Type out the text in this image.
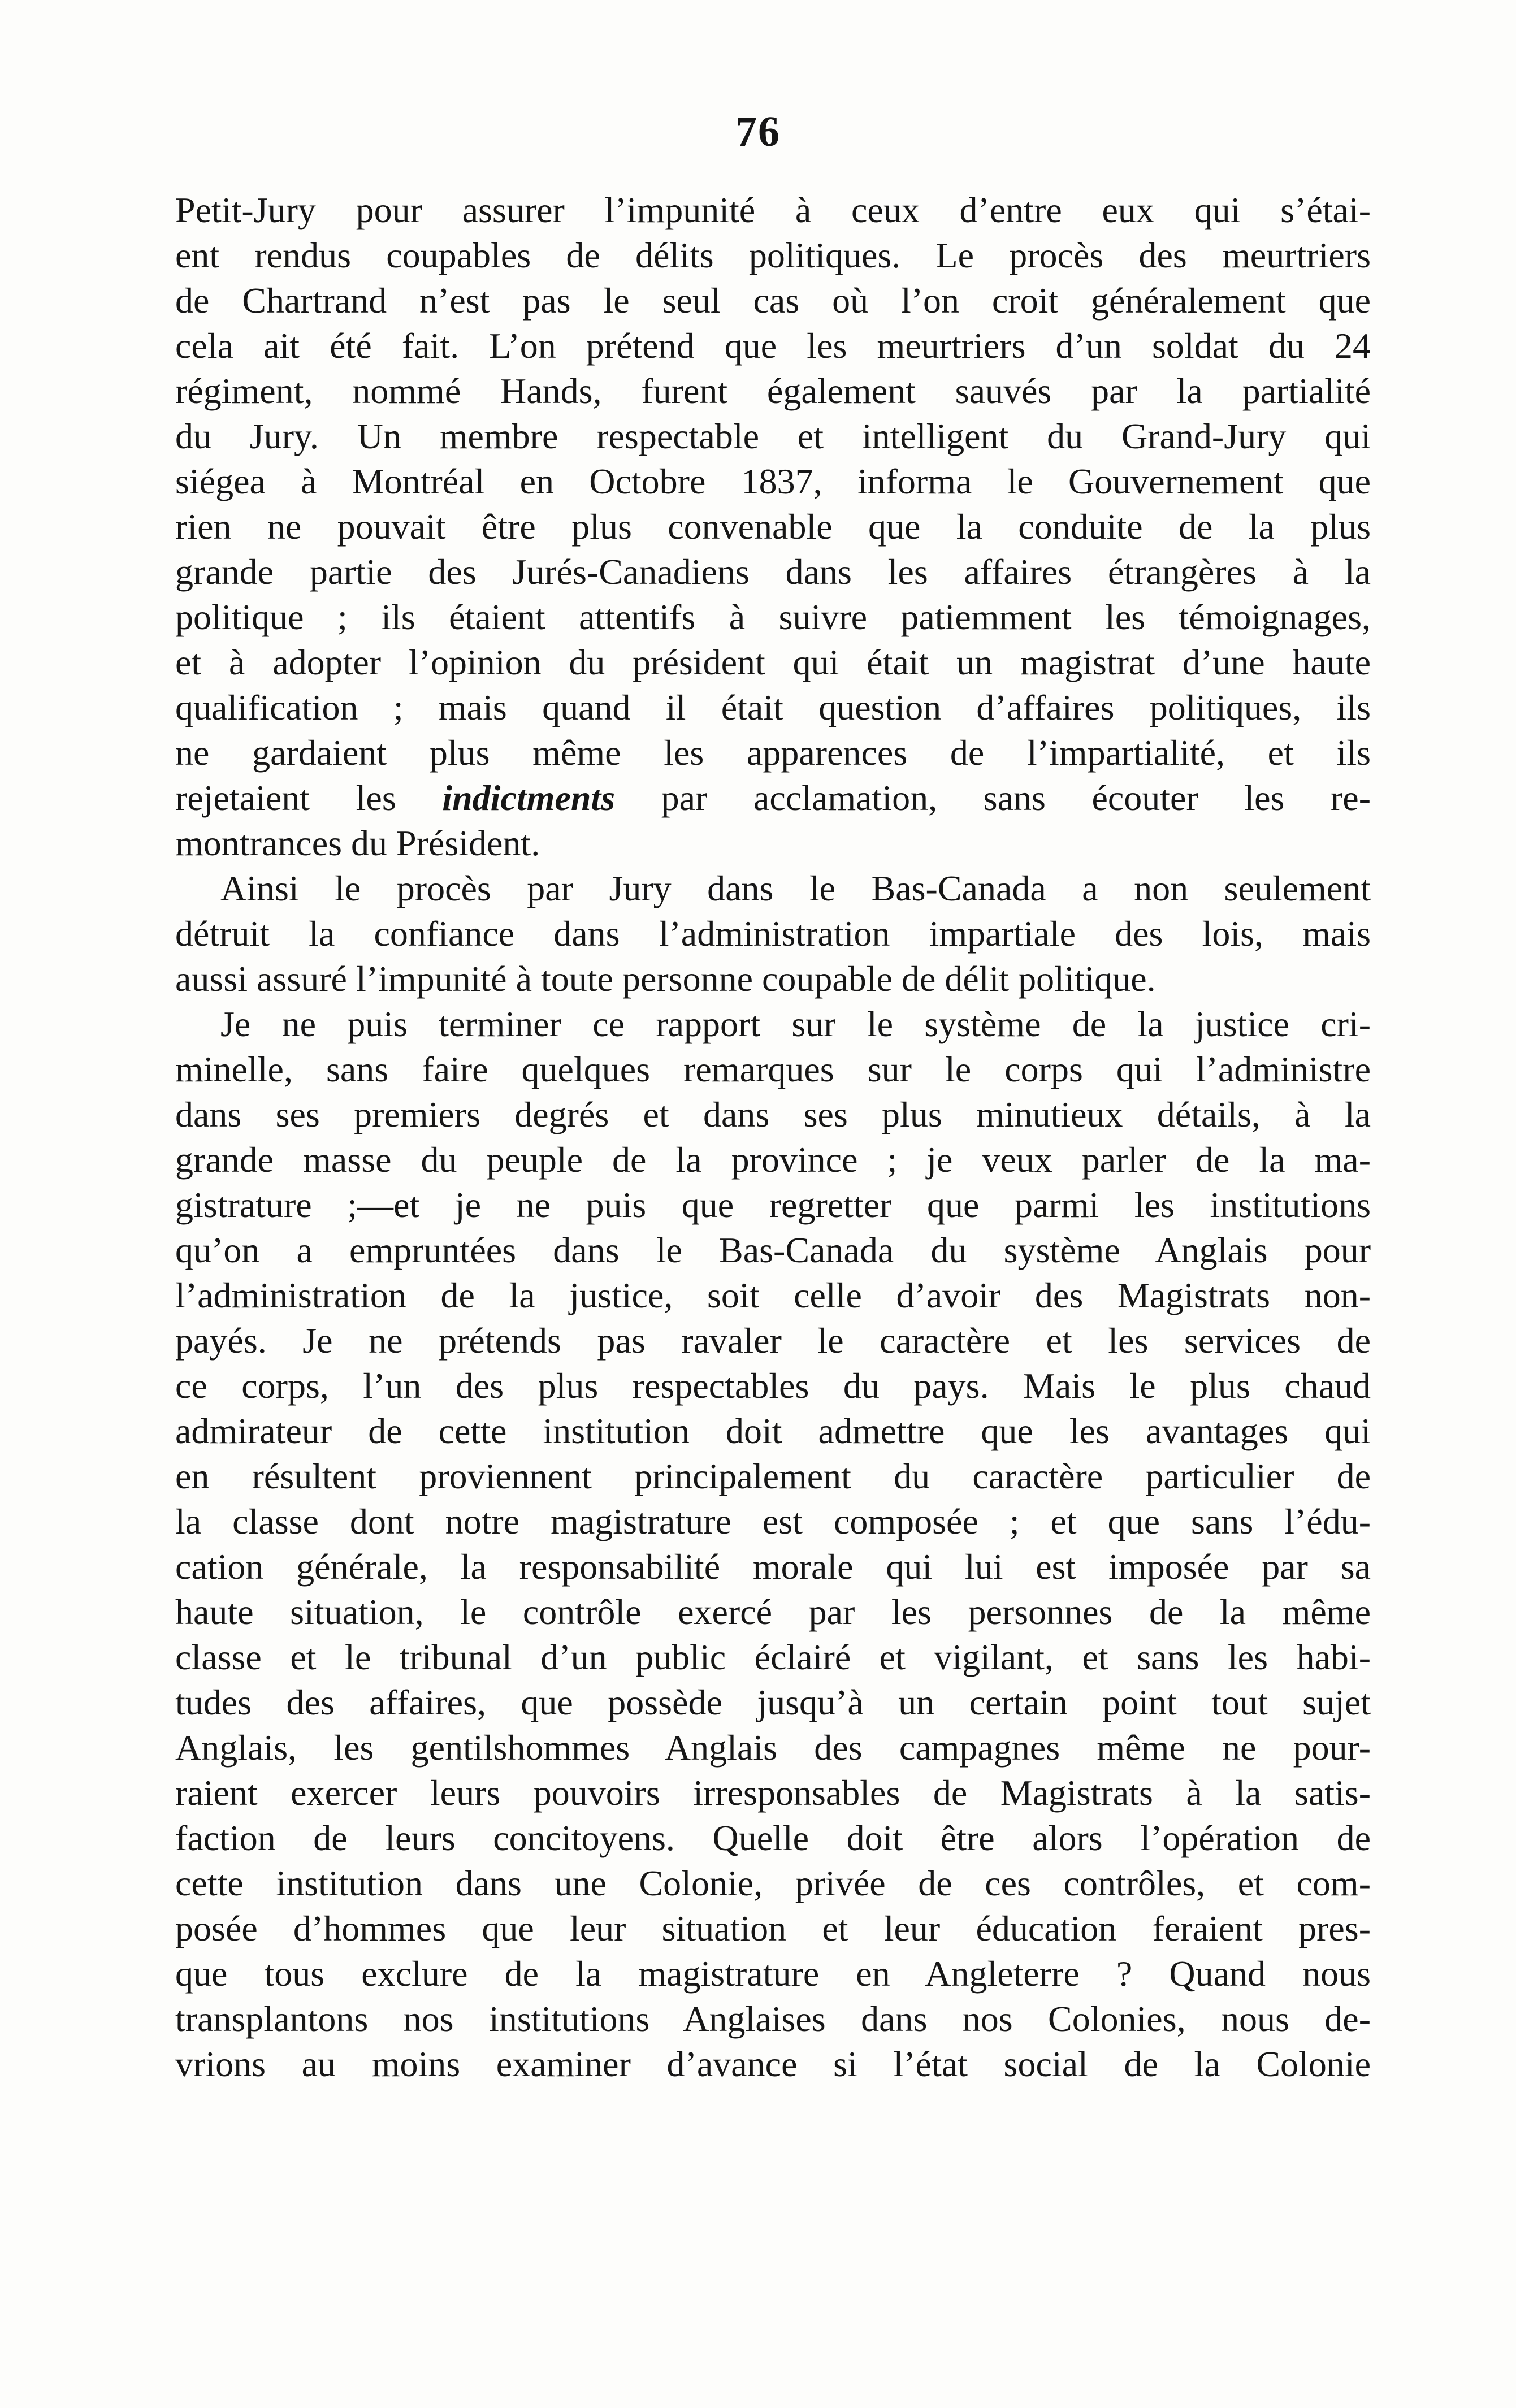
76
Petit-Jury pour assurer l’impunité à ceux d’entre eux qui s’étai-
ent rendus coupables de délits politiques. Le procès des meurtriers
de Chartrand n’est pas le seul cas où l’on croit généralement que
cela ait été fait. L’on prétend que les meurtriers d’un soldat du 24
régiment, nommé Hands, furent également sauvés par la partialité
du Jury. Un membre respectable et intelligent du Grand-Jury qui
siégea à Montréal en Octobre 1837, informa le Gouvernement que
rien ne pouvait être plus convenable que la conduite de la plus
grande partie des Jurés-Canadiens dans les affaires étrangères à la
politique ; ils étaient attentifs à suivre patiemment les témoignages,
et à adopter l’opinion du président qui était un magistrat d’une haute
qualification ; mais quand il était question d’affaires politiques, ils
ne gardaient plus même les apparences de l’impartialité, et ils
rejetaient les indictments par acclamation, sans écouter les re-
montrances du Président.
Ainsi le procès par Jury dans le Bas-Canada a non seulement
détruit la confiance dans l’administration impartiale des lois, mais
aussi assuré l’impunité à toute personne coupable de délit politique.
Je ne puis terminer ce rapport sur le système de la justice cri-
minelle, sans faire quelques remarques sur le corps qui l’administre
dans ses premiers degrés et dans ses plus minutieux détails, à la
grande masse du peuple de la province ; je veux parler de la ma-
gistrature ;—et je ne puis que regretter que parmi les institutions
qu’on a empruntées dans le Bas-Canada du système Anglais pour
l’administration de la justice, soit celle d’avoir des Magistrats non-
payés. Je ne prétends pas ravaler le caractère et les services de
ce corps, l’un des plus respectables du pays. Mais le plus chaud
admirateur de cette institution doit admettre que les avantages qui
en résultent proviennent principalement du caractère particulier de
la classe dont notre magistrature est composée ; et que sans l’édu-
cation générale, la responsabilité morale qui lui est imposée par sa
haute situation, le contrôle exercé par les personnes de la même
classe et le tribunal d’un public éclairé et vigilant, et sans les habi-
tudes des affaires, que possède jusqu’à un certain point tout sujet
Anglais, les gentilshommes Anglais des campagnes même ne pour-
raient exercer leurs pouvoirs irresponsables de Magistrats à la satis-
faction de leurs concitoyens. Quelle doit être alors l’opération de
cette institution dans une Colonie, privée de ces contrôles, et com-
posée d’hommes que leur situation et leur éducation feraient pres-
que tous exclure de la magistrature en Angleterre ? Quand nous
transplantons nos institutions Anglaises dans nos Colonies, nous de-
vrions au moins examiner d’avance si l’état social de la Colonie
